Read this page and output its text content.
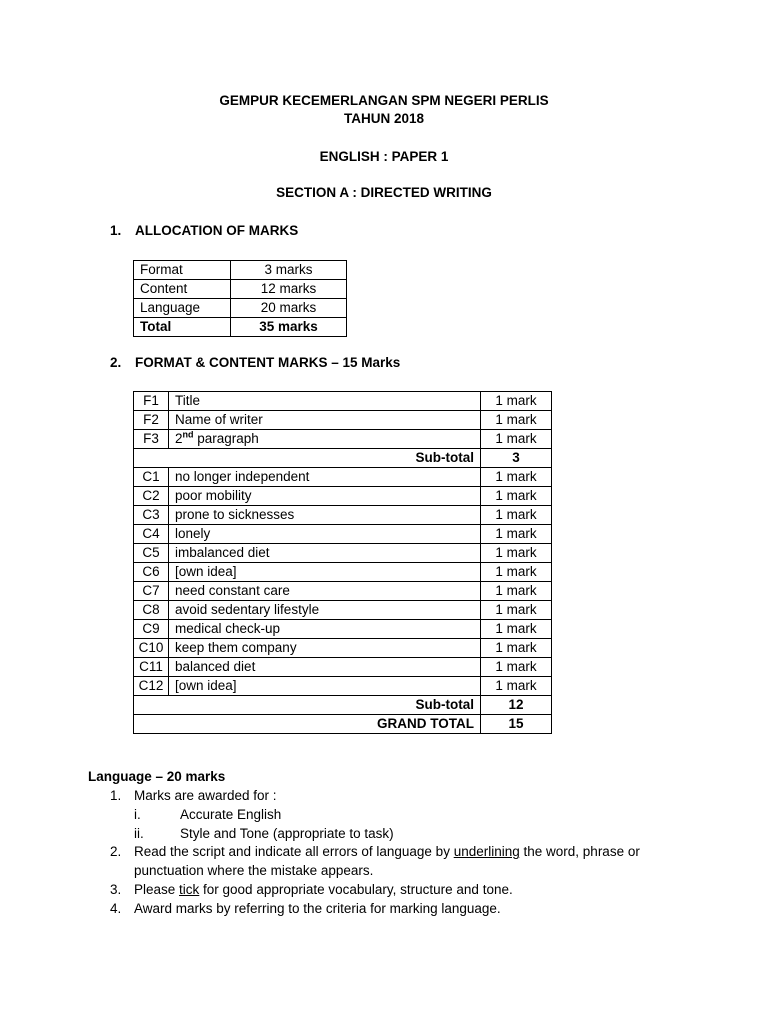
GEMPUR KECEMERLANGAN SPM NEGERI PERLIS
TAHUN 2018
ENGLISH : PAPER 1
SECTION A : DIRECTED WRITING
1. ALLOCATION OF MARKS
Format	3 marks
Content	12 marks
Language	20 marks
Total	35 marks
2. FORMAT & CONTENT MARKS – 15 Marks
F1	Title	1 mark
F2	Name of writer	1 mark
F3	2nd paragraph	1 mark
Sub-total		3
C1	no longer independent	1 mark
C2	poor mobility	1 mark
C3	prone to sicknesses	1 mark
C4	lonely	1 mark
C5	imbalanced diet	1 mark
C6	[own idea]	1 mark
C7	need constant care	1 mark
C8	avoid sedentary lifestyle	1 mark
C9	medical check-up	1 mark
C10	keep them company	1 mark
C11	balanced diet	1 mark
C12	[own idea]	1 mark
Sub-total		12
GRAND TOTAL		15
Language – 20 marks
1. Marks are awarded for :
i.	Accurate English
ii.	Style and Tone (appropriate to task)
2. Read the script and indicate all errors of language by underlining the word, phrase or
punctuation where the mistake appears.
3. Please tick for good appropriate vocabulary, structure and tone.
4. Award marks by referring to the criteria for marking language.
